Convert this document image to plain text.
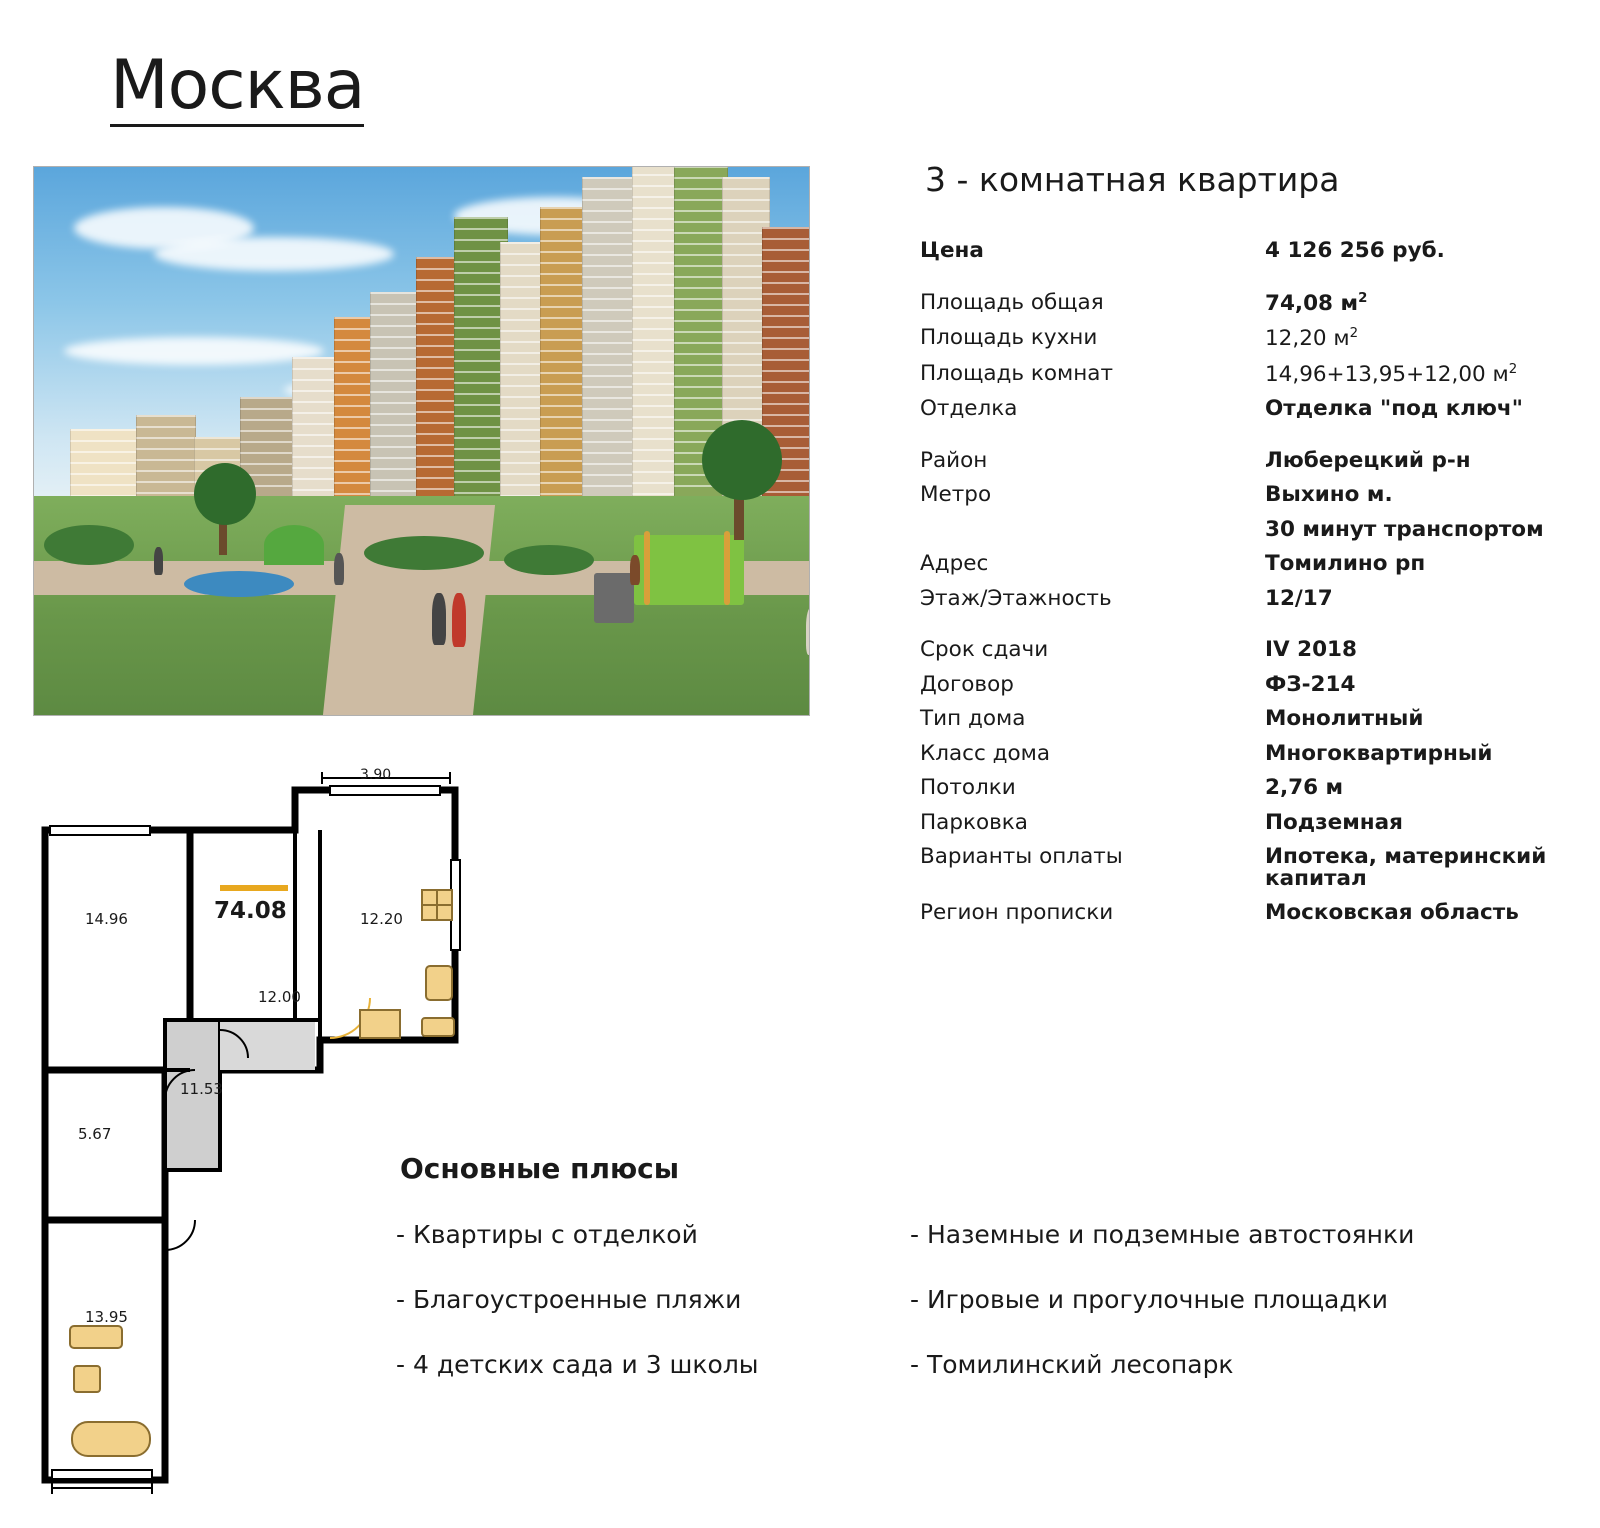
Москва
3 - комнатная квартира
Цена	4 126 256 руб.
Площадь общая	74,08 $м^2$
Площадь кухни	12,20 $м^2$
Площадь комнат	14,96+13,95+12,00 $м^2$
Отделка	Отделка "под ключ"
Район	Люберецкий р-н
Метро	Выхино м.
30 минут транспортом
Адрес	Томилино рп
Этаж/Этажность	12/17
Срок сдачи	IV 2018
Договор	ФЗ-214
Тип дома	Монолитный
Класс дома	Многоквартирный
Потолки	2,76 м
Парковка	Подземная
Варианты оплаты	Ипотека, материнский капитал
Регион прописки	Московская область
3.90
74.08
14.96	12.20
12.00
11.53
5.67
13.95
Основные плюсы
- Квартиры с отделкой
- Благоустроенные пляжи
- 4 детских сада и 3 школы
- Наземные и подземные автостоянки
- Игровые и прогулочные площадки
- Томилинский лесопарк
